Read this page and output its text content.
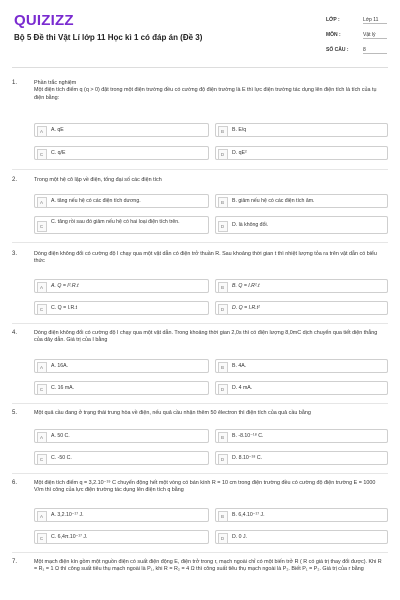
QUIZIZZ
Bộ 5 Đề thi Vật Lí lớp 11 Học kì 1 có đáp án (Đề 3)
LỚP :	Lớp 11
MÔN :	Vật lý
SỐ CÂU :	8
1.	Phần trắc nghiệm
Một điện tích điểm q (q > 0) đặt trong một điện trường đều có cường độ điện trường là E thì lực điện trường tác dụng lên điện tích là tích của tụ điện bằng:
A	A. qE	B	B. E/q
C	C. q/E	D	D. qE²
2.	Trong một hệ cô lập về điện, tổng đại số các điện tích
A	A. tăng nếu hệ có các điện tích dương.	B	B. giảm nếu hệ có các điện tích âm.
C
C. tăng rồi sau đó giảm nếu hệ có hai loại điện tích trên.
D	D. là không đổi.
3.	Dòng điện không đổi có cường độ I chạy qua một vật dẫn có điện trở thuần R. Sau khoảng thời gian t thì nhiệt lượng tỏa ra trên vật dẫn có biểu thức
A	A. Q = I².R.t	B	B. Q = I.R².t
C	C. Q = I.R.t	D	D. Q = I.R.t²
4.	Dòng điện không đổi có cường độ I chạy qua một vật dẫn. Trong khoảng thời gian 2,0s thì có điện lượng 8,0mC dịch chuyển qua tiết diện thẳng của dây dẫn. Giá trị của I bằng
A	A. 16A.	B	B. 4A.
C	C. 16 mA.	D	D. 4 mA.
5.	Một quả cầu đang ở trạng thái trung hòa về điện, nếu quả cầu nhận thêm 50 êlectron thì điện tích của quả cầu bằng
A	A. 50 C.	B	B. -8.10⁻¹⁸ C.
C	C. -50 C.	D	D. 8.10⁻¹⁸ C.
6.	Một điện tích điểm q = 3,2.10⁻¹⁹ C chuyển động hết một vòng có bán kính R = 10 cm trong điện trường đều có cường độ điện trường E = 1000 V/m thì công của lực điện trường tác dụng lên điện tích q bằng
A	A. 3,2.10⁻¹⁷ J.	B	B. 6,4.10⁻¹⁷ J.
C	C. 6,4π.10⁻¹⁷ J.	D	D. 0 J.
7.	Một mạch điện kín gồm một nguồn điện có suất điện động E, điện trở trong r, mạch ngoài chỉ có một biến trở R ( R có giá trị thay đổi được). Khi R = R₁ = 1 Ω thì công suất tiêu thụ mạch ngoài là P₁, khi R = R₂ = 4 Ω thì công suất tiêu thụ mạch ngoài là P₂. Biết P₁ = P₂. Giá trị của r bằng
